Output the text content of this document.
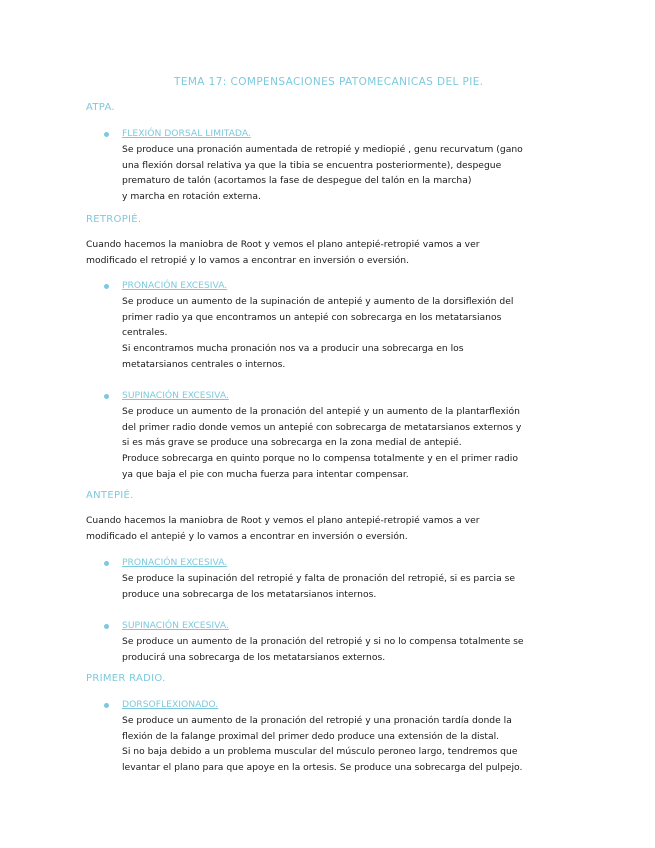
TEMA 17: COMPENSACIONES PATOMECANICAS DEL PIE.
ATPA.
FLEXIÓN DORSAL LIMITADA.
Se produce una pronación aumentada de retropié y mediopié , genu recurvatum (gano
una flexión dorsal relativa ya que la tibia se encuentra posteriormente), despegue
prematuro de talón (acortamos la fase de despegue del talón en la marcha)
y marcha en rotación externa.
RETROPIÉ.
Cuando hacemos la maniobra de Root y vemos el plano antepié-retropié vamos a ver
modificado el retropié y lo vamos a encontrar en inversión o eversión.
PRONACIÓN EXCESIVA.
Se produce un aumento de la supinación de antepié y aumento de la dorsiflexión del
primer radio ya que encontramos un antepié con sobrecarga en los metatarsianos
centrales.
Si encontramos mucha pronación nos va a producir una sobrecarga en los
metatarsianos centrales o internos.
SUPINACIÓN EXCESIVA.
Se produce un aumento de la pronación del antepié y un aumento de la plantarflexión
del primer radio donde vemos un antepié con sobrecarga de metatarsianos externos y
si es más grave se produce una sobrecarga en la zona medial de antepié.
Produce sobrecarga en quinto porque no lo compensa totalmente y en el primer radio
ya que baja el pie con mucha fuerza para intentar compensar.
ANTEPIÉ.
Cuando hacemos la maniobra de Root y vemos el plano antepié-retropié vamos a ver
modificado el antepié y lo vamos a encontrar en inversión o eversión.
PRONACIÓN EXCESIVA.
Se produce la supinación del retropié y falta de pronación del retropié, si es parcia se
produce una sobrecarga de los metatarsianos internos.
SUPINACIÓN EXCESIVA.
Se produce un aumento de la pronación del retropié y si no lo compensa totalmente se
producirá una sobrecarga de los metatarsianos externos.
PRIMER RADIO.
DORSOFLEXIONADO.
Se produce un aumento de la pronación del retropié y una pronación tardía donde la
flexión de la falange proximal del primer dedo produce una extensión de la distal.
Si no baja debido a un problema muscular del músculo peroneo largo, tendremos que
levantar el plano para que apoye en la ortesis. Se produce una sobrecarga del pulpejo.
